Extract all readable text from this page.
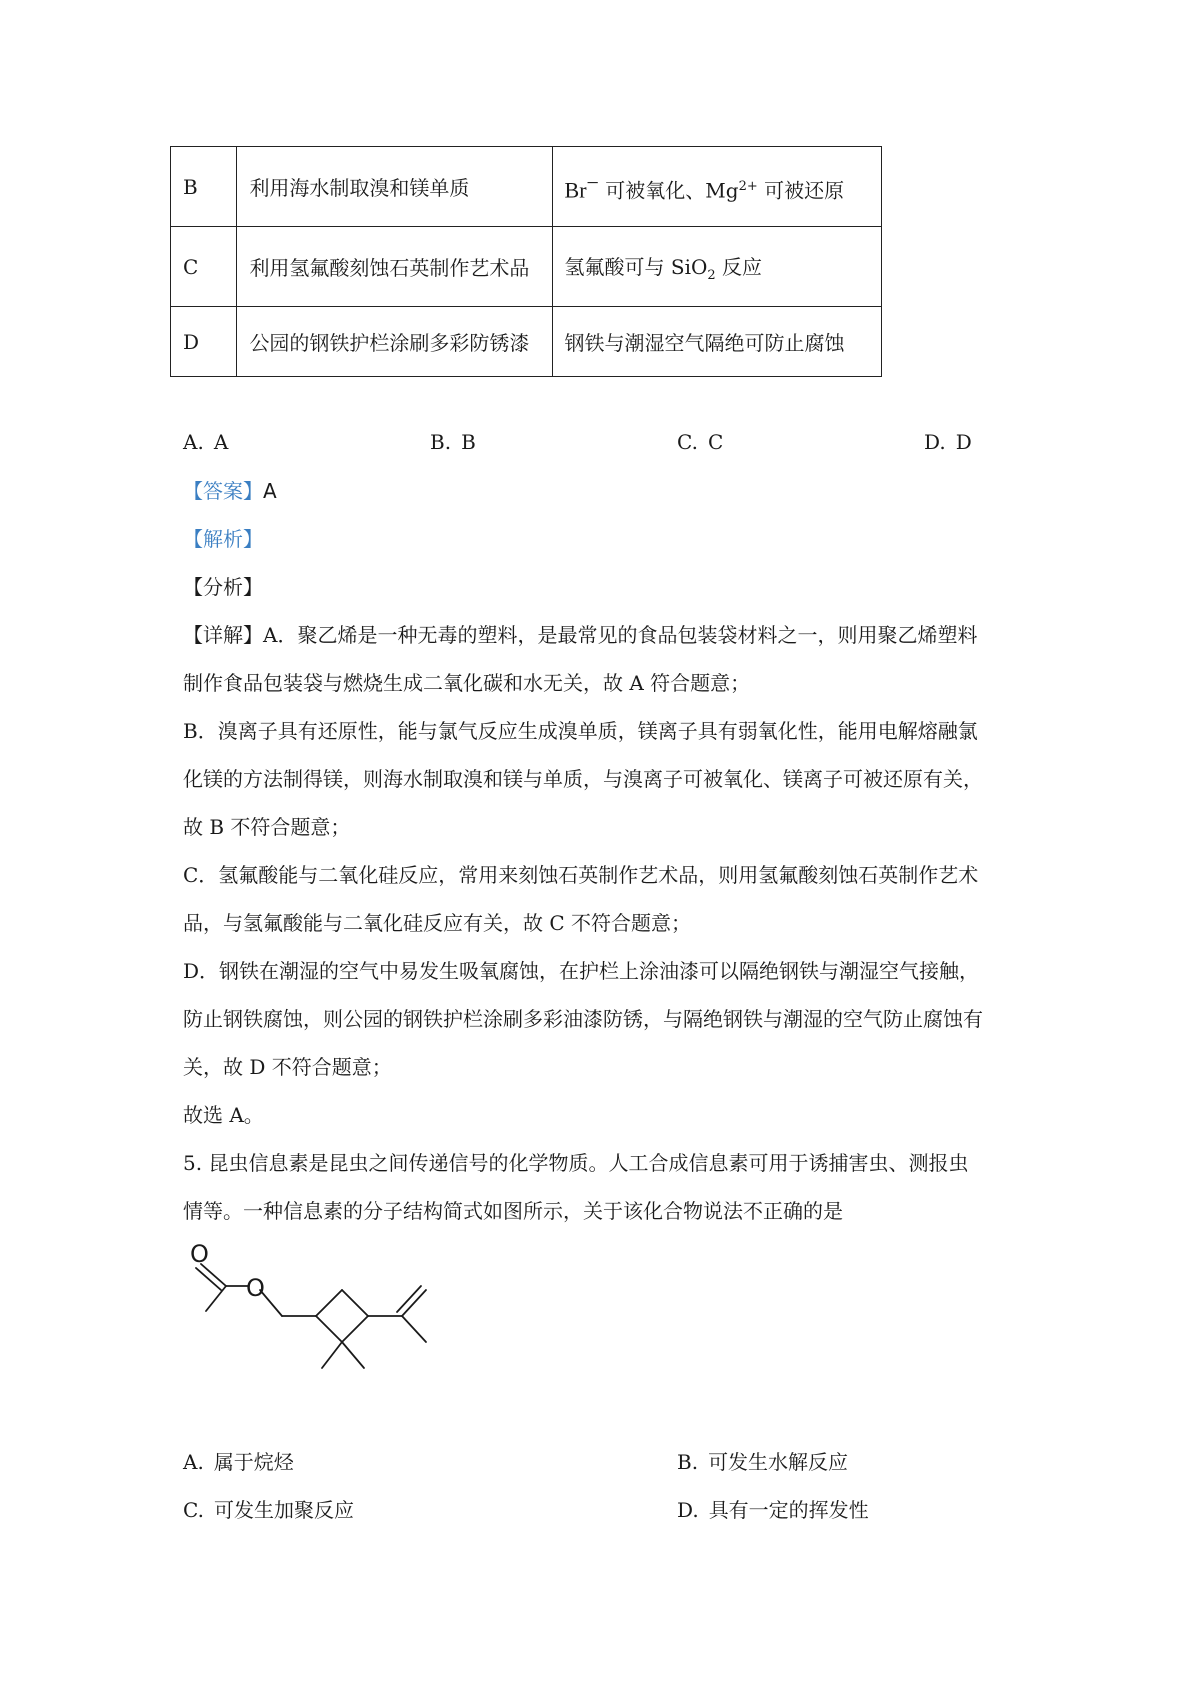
B	利用海水制取溴和镁单质	Br− 可被氧化、$Mg^{2+}$ 可被还原
C	利用氢氟酸刻蚀石英制作艺术品	氢氟酸可与 SiO$_2$ 反应
D	公园的钢铁护栏涂刷多彩防锈漆	钢铁与潮湿空气隔绝可防止腐蚀
A. A	B. B	C. C	D. D
【答案】A
【解析】
【分析】
【详解】A．聚乙烯是一种无毒的塑料，是最常见的食品包装袋材料之一，则用聚乙烯塑料
制作食品包装袋与燃烧生成二氧化碳和水无关，故 A 符合题意；
B．溴离子具有还原性，能与氯气反应生成溴单质，镁离子具有弱氧化性，能用电解熔融氯
化镁的方法制得镁，则海水制取溴和镁与单质，与溴离子可被氧化、镁离子可被还原有关，
故 B 不符合题意；
C．氢氟酸能与二氧化硅反应，常用来刻蚀石英制作艺术品，则用氢氟酸刻蚀石英制作艺术
品，与氢氟酸能与二氧化硅反应有关，故 C 不符合题意；
D．钢铁在潮湿的空气中易发生吸氧腐蚀，在护栏上涂油漆可以隔绝钢铁与潮湿空气接触，
防止钢铁腐蚀，则公园的钢铁护栏涂刷多彩油漆防锈，与隔绝钢铁与潮湿的空气防止腐蚀有
关，故 D 不符合题意；
故选 A。
5. 昆虫信息素是昆虫之间传递信号的化学物质。人工合成信息素可用于诱捕害虫、测报虫
情等。一种信息素的分子结构简式如图所示，关于该化合物说法不正确的是
O
O
A. 属于烷烃	B. 可发生水解反应
C. 可发生加聚反应	D. 具有一定的挥发性
